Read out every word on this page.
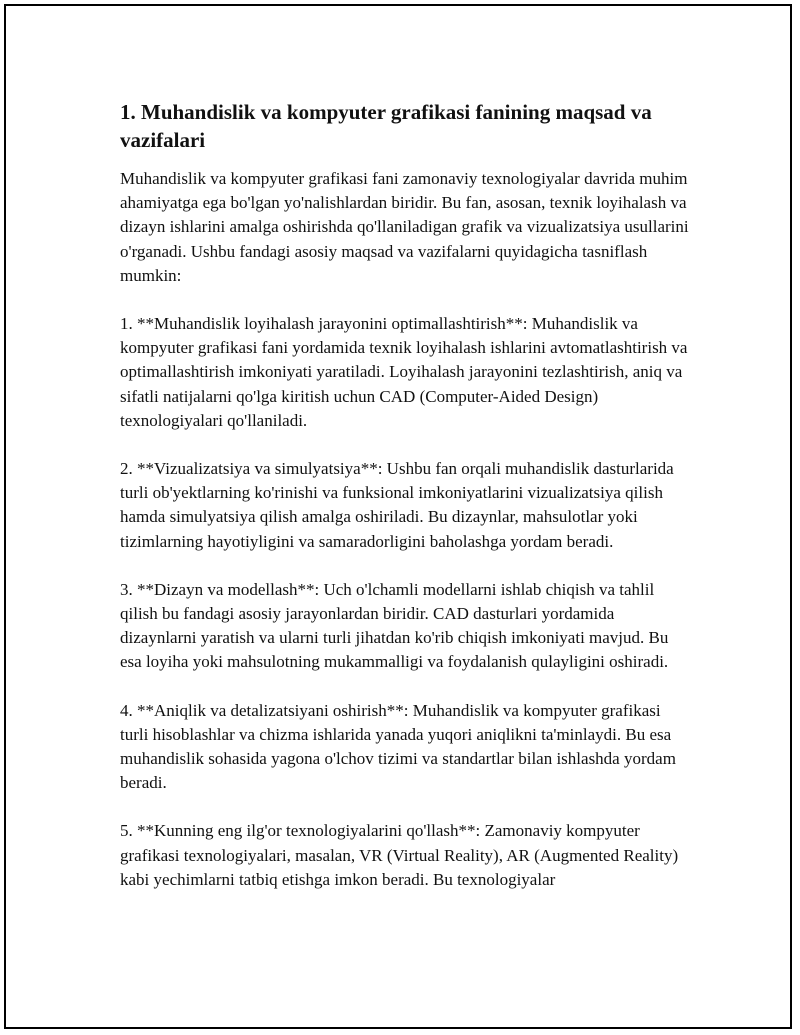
1. Muhandislik va kompyuter grafikasi fanining maqsad va vazifalari

Muhandislik va kompyuter grafikasi fani zamonaviy texnologiyalar davrida muhim ahamiyatga ega bo'lgan yo'nalishlardan biridir. Bu fan, asosan, texnik loyihalash va dizayn ishlarini amalga oshirishda qo'llaniladigan grafik va vizualizatsiya usullarini o'rganadi. Ushbu fandagi asosiy maqsad va vazifalarni quyidagicha tasniflash mumkin:

1. **Muhandislik loyihalash jarayonini optimallashtirish**: Muhandislik va kompyuter grafikasi fani yordamida texnik loyihalash ishlarini avtomatlashtirish va optimallashtirish imkoniyati yaratiladi. Loyihalash jarayonini tezlashtirish, aniq va sifatli natijalarni qo'lga kiritish uchun CAD (Computer-Aided Design) texnologiyalari qo'llaniladi.

2. **Vizualizatsiya va simulyatsiya**: Ushbu fan orqali muhandislik dasturlarida turli ob'yektlarning ko'rinishi va funksional imkoniyatlarini vizualizatsiya qilish hamda simulyatsiya qilish amalga oshiriladi. Bu dizaynlar, mahsulotlar yoki tizimlarning hayotiyligini va samaradorligini baholashga yordam beradi.

3. **Dizayn va modellash**: Uch o'lchamli modellarni ishlab chiqish va tahlil qilish bu fandagi asosiy jarayonlardan biridir. CAD dasturlari yordamida dizaynlarni yaratish va ularni turli jihatdan ko'rib chiqish imkoniyati mavjud. Bu esa loyiha yoki mahsulotning mukammalligi va foydalanish qulayligini oshiradi.

4. **Aniqlik va detalizatsiyani oshirish**: Muhandislik va kompyuter grafikasi turli hisoblashlar va chizma ishlarida yanada yuqori aniqlikni ta'minlaydi. Bu esa muhandislik sohasida yagona o'lchov tizimi va standartlar bilan ishlashda yordam beradi.

5. **Kunning eng ilg'or texnologiyalarini qo'llash**: Zamonaviy kompyuter grafikasi texnologiyalari, masalan, VR (Virtual Reality), AR (Augmented Reality) kabi yechimlarni tatbiq etishga imkon beradi. Bu texnologiyalar
